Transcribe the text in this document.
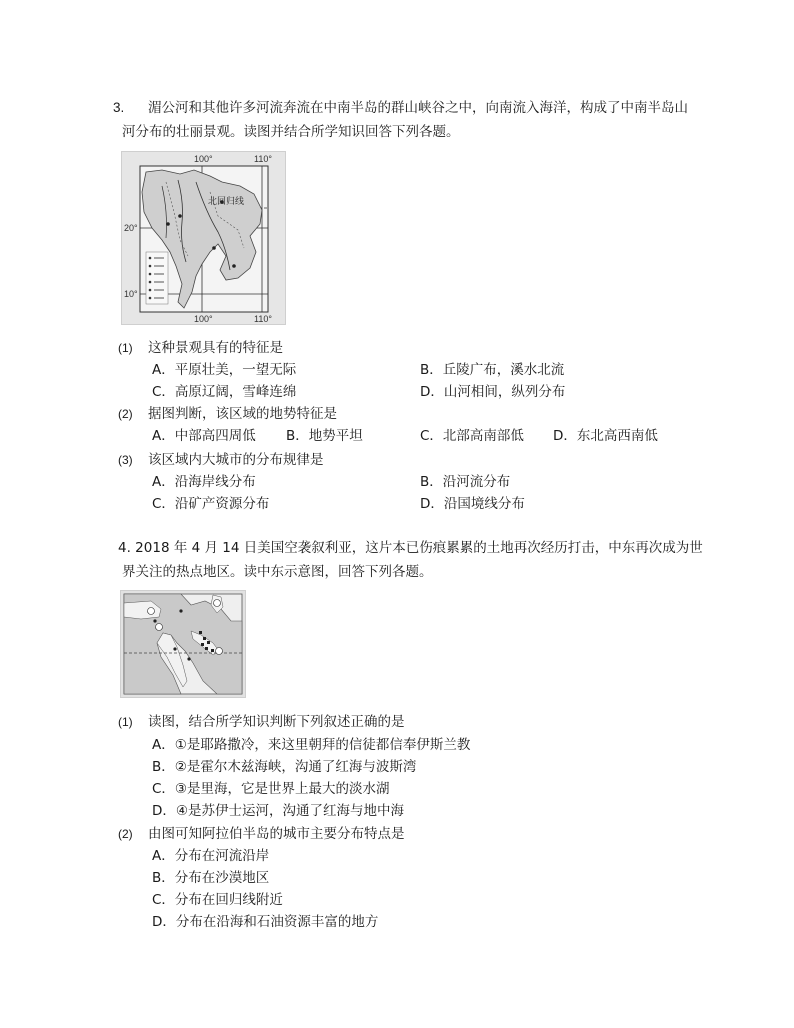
3. 湄公河和其他许多河流奔流在中南半岛的群山峡谷之中，向南流入海洋，构成了中南半岛山
河分布的壮丽景观。读图并结合所学知识回答下列各题。
100°	110°
100°	110°
20°
10°
北回归线
(1) 这种景观具有的特征是
A．平原壮美，一望无际	B．丘陵广布，溪水北流
C．高原辽阔，雪峰连绵	D．山河相间，纵列分布
(2) 据图判断，该区域的地势特征是
A．中部高四周低 B．地势平坦	C．北部高南部低 D．东北高西南低
(3) 该区域内大城市的分布规律是
A．沿海岸线分布	B．沿河流分布
C．沿矿产资源分布	D．沿国境线分布
4. 2018 年 4 月 14 日美国空袭叙利亚，这片本已伤痕累累的土地再次经历打击，中东再次成为世
界关注的热点地区。读中东示意图，回答下列各题。
(1) 读图，结合所学知识判断下列叙述正确的是
A．①是耶路撒冷，来这里朝拜的信徒都信奉伊斯兰教
B．②是霍尔木兹海峡，沟通了红海与波斯湾
C．③是里海，它是世界上最大的淡水湖
D．④是苏伊士运河，沟通了红海与地中海
(2) 由图可知阿拉伯半岛的城市主要分布特点是
A．分布在河流沿岸
B．分布在沙漠地区
C．分布在回归线附近
D．分布在沿海和石油资源丰富的地方
